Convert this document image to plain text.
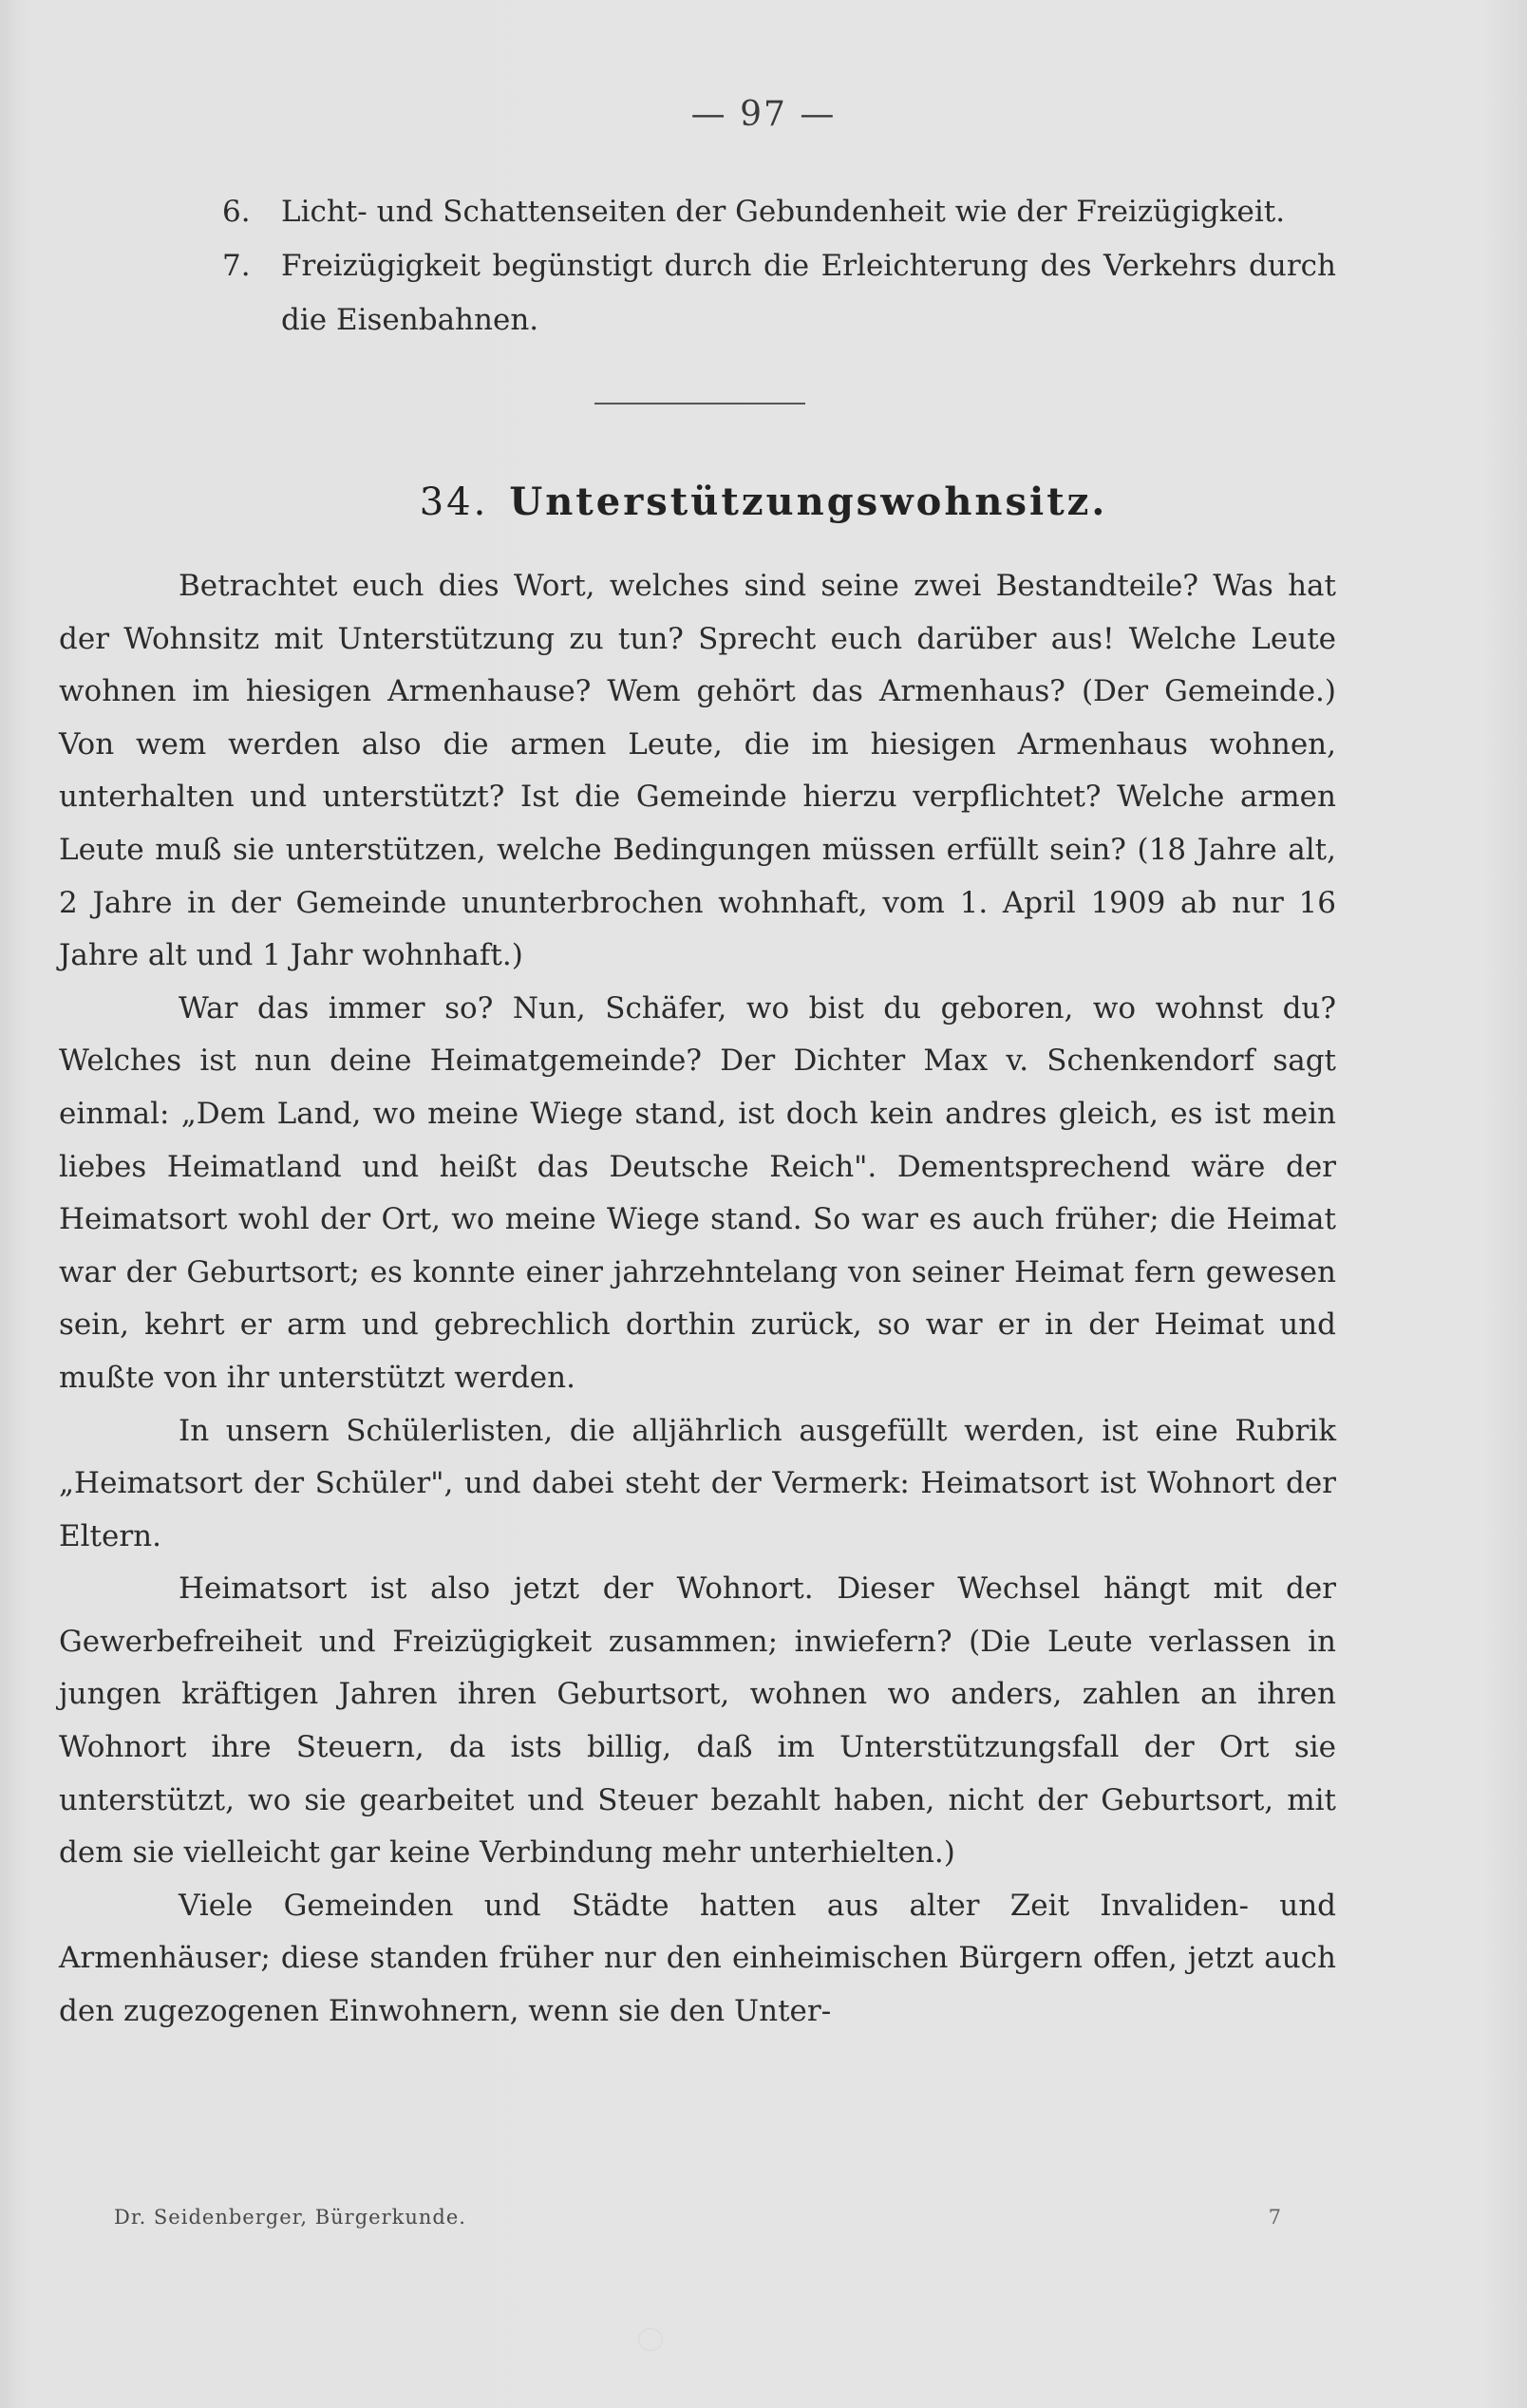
— 97 —
6.	Licht- und Schattenseiten der Gebundenheit wie der Freizügigkeit.
7.	Freizügigkeit begünstigt durch die Erleichterung des Verkehrs durch die Eisenbahnen.
34. Unterstützungswohnsitz.

Betrachtet euch dies Wort, welches sind seine zwei Bestandteile? Was hat der Wohnsitz mit Unterstützung zu tun? Sprecht euch darüber aus! Welche Leute wohnen im hiesigen Armenhause? Wem gehört das Armenhaus? (Der Gemeinde.) Von wem werden also die armen Leute, die im hiesigen Armenhaus wohnen, unterhalten und unterstützt? Ist die Gemeinde hierzu verpflichtet? Welche armen Leute muß sie unterstützen, welche Bedingungen müssen erfüllt sein? (18 Jahre alt, 2 Jahre in der Gemeinde ununterbrochen wohnhaft, vom 1. April 1909 ab nur 16 Jahre alt und 1 Jahr wohnhaft.)

War das immer so? Nun, Schäfer, wo bist du geboren, wo wohnst du? Welches ist nun deine Heimatgemeinde? Der Dichter Max v. Schenkendorf sagt einmal: „Dem Land, wo meine Wiege stand, ist doch kein andres gleich, es ist mein liebes Heimatland und heißt das Deutsche Reich". Dementsprechend wäre der Heimatsort wohl der Ort, wo meine Wiege stand. So war es auch früher; die Heimat war der Geburtsort; es konnte einer jahrzehntelang von seiner Heimat fern gewesen sein, kehrt er arm und gebrechlich dorthin zurück, so war er in der Heimat und mußte von ihr unterstützt werden.

In unsern Schülerlisten, die alljährlich ausgefüllt werden, ist eine Rubrik „Heimatsort der Schüler", und dabei steht der Vermerk: Heimatsort ist Wohnort der Eltern.

Heimatsort ist also jetzt der Wohnort. Dieser Wechsel hängt mit der Gewerbefreiheit und Freizügigkeit zusammen; inwiefern? (Die Leute verlassen in jungen kräftigen Jahren ihren Geburtsort, wohnen wo anders, zahlen an ihren Wohnort ihre Steuern, da ists billig, daß im Unterstützungsfall der Ort sie unterstützt, wo sie gearbeitet und Steuer bezahlt haben, nicht der Geburtsort, mit dem sie vielleicht gar keine Verbindung mehr unterhielten.)

Viele Gemeinden und Städte hatten aus alter Zeit Invaliden- und Armenhäuser; diese standen früher nur den einheimischen Bürgern offen, jetzt auch den zugezogenen Einwohnern, wenn sie den Unter-

Dr. Seidenberger, Bürgerkunde.	7
